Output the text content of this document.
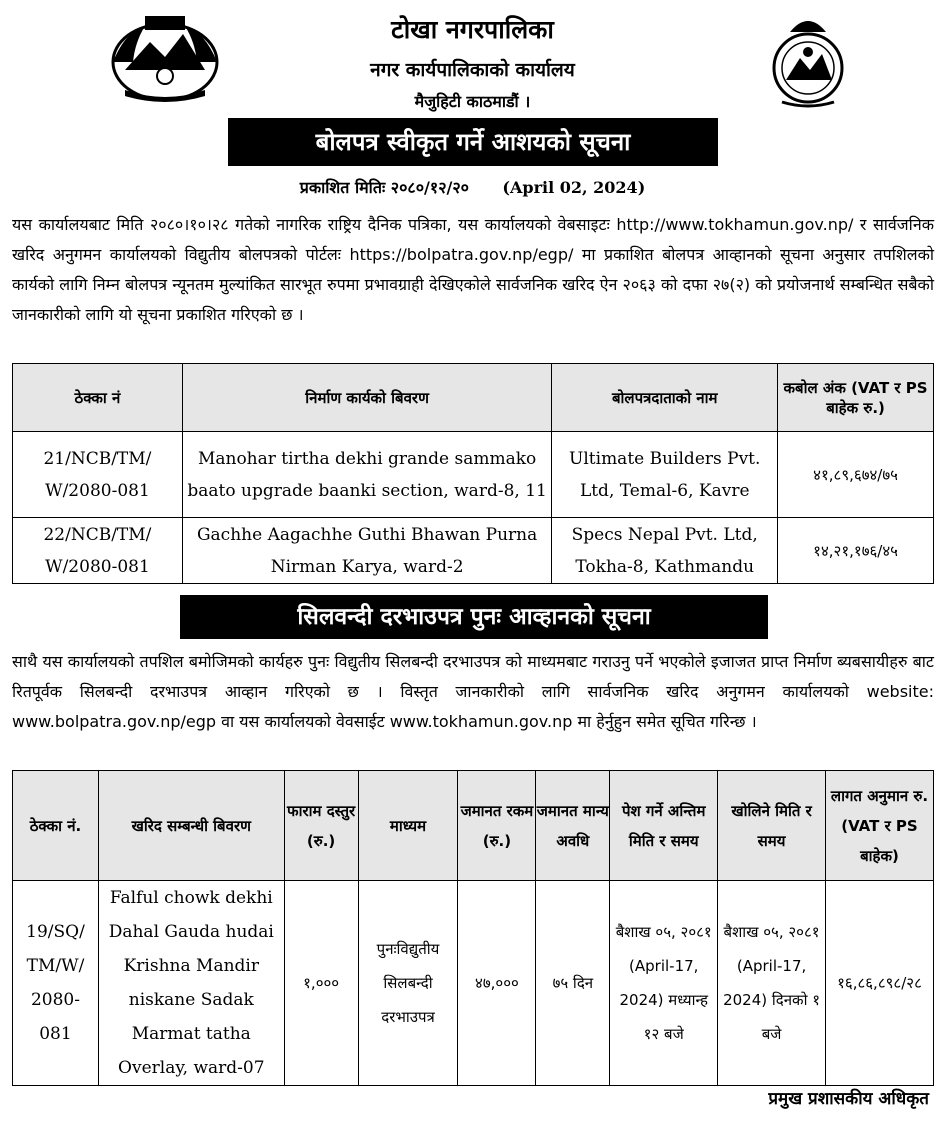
टोखा नगरपालिका
नगर कार्यपालिकाको कार्यालय
मैजुहिटी काठमाडौं ।
बोलपत्र स्वीकृत गर्ने आशयको सूचना
प्रकाशित मितिः २०८०/१२/२० (April 02, 2024)
यस कार्यालयबाट मिति २०८०।१०।२८ गतेको नागरिक राष्ट्रिय दैनिक पत्रिका, यस कार्यालयको वेबसाइटः http://www.tokhamun.gov.np/ र सार्वजनिक खरिद अनुगमन कार्यालयको विद्युतीय बोलपत्रको पोर्टलः https://bolpatra.gov.np/egp/ मा प्रकाशित बोलपत्र आव्हानको सूचना अनुसार तपशिलको कार्यको लागि निम्न बोलपत्र न्यूनतम मुल्यांकित सारभूत रुपमा प्रभावग्राही देखिएकोले सार्वजनिक खरिद ऐन २०६३ को दफा २७(२) को प्रयोजनार्थ सम्बन्धित सबैको जानकारीको लागि यो सूचना प्रकाशित गरिएको छ ।
ठेक्का नं	निर्माण कार्यको बिवरण	बोलपत्रदाताको नाम	कबोल अंक (VAT र PS बाहेक रु.)
21/NCB/TM/ W/2080-081	Manohar tirtha dekhi grande sammako baato upgrade baanki section, ward-8, 11	Ultimate Builders Pvt. Ltd, Temal-6, Kavre	४१,८९,६७४/७५
22/NCB/TM/ W/2080-081	Gachhe Aagachhe Guthi Bhawan Purna Nirman Karya, ward-2	Specs Nepal Pvt. Ltd, Tokha-8, Kathmandu	१४,२१,१७६/४५
सिलवन्दी दरभाउपत्र पुनः आव्हानको सूचना
साथै यस कार्यालयको तपशिल बमोजिमको कार्यहरु पुनः विद्युतीय सिलबन्दी दरभाउपत्र को माध्यमबाट गराउनु पर्ने भएकोले इजाजत प्राप्त निर्माण ब्यबसायीहरु बाट रितपूर्वक सिलबन्दी दरभाउपत्र आव्हान गरिएको छ । विस्तृत जानकारीको लागि सार्वजनिक खरिद अनुगमन कार्यालयको website: www.bolpatra.gov.np/egp वा यस कार्यालयको वेवसाईट www.tokhamun.gov.np मा हेर्नुहुन समेत सूचित गरिन्छ ।
ठेक्का नं.	खरिद सम्बन्धी बिवरण	फाराम दस्तुर (रु.)	माध्यम	जमानत रकम (रु.)	जमानत मान्य अवधि	पेश गर्ने अन्तिम मिति र समय	खोलिने मिति र समय	लागत अनुमान रु. (VAT र PS बाहेक)
19/SQ/ TM/W/ 2080- 081	Falful chowk dekhi Dahal Gauda hudai Krishna Mandir niskane Sadak Marmat tatha Overlay, ward-07	१,०००	पुनःविद्युतीय सिलबन्दी दरभाउपत्र	४७,०००	७५ दिन	बैशाख ०५, २०८१ (April-17, 2024) मध्यान्ह १२ बजे	बैशाख ०५, २०८१ (April-17, 2024) दिनको १ बजे	१६,८६,८९८/२८
प्रमुख प्रशासकीय अधिकृत
